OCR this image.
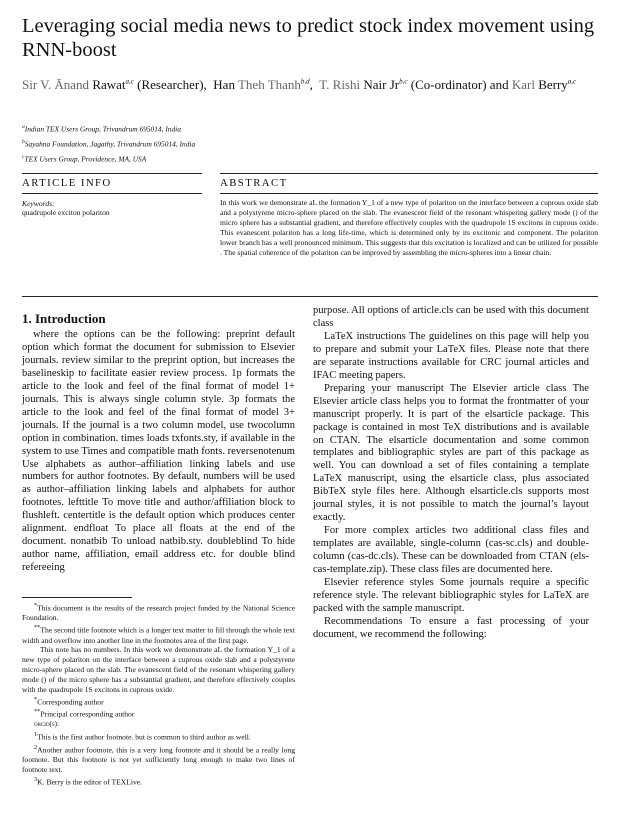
Leveraging social media news to predict stock index movement using RNN-boost
Sir V. Ānand Rawat$^{a,c}$ (Researcher), Han Theh Thanh$^{b,d}$, T. Rishi Nair Jr$^{b,c}$ (Co-ordinator) and Karl Berry$^{a,c}$
$^a$Indian TEX Users Group, Trivandrum 695014, India
$^b$Sayahna Foundation, Jagathy, Trivandrum 695014, India
$^c$TEX Users Group, Providence, MA, USA
ARTICLE INFO	ABSTRACT
Keywords:
quadrupole exciton polariton
In this work we demonstrate aL the formation Y_1 of a new type of polariton on the interface between a cuprous oxide slab and a polystyrene micro-sphere placed on the slab. The evanescent field of the resonant whispering gallery mode () of the micro sphere has a substantial gradient, and therefore effectively couples with the quadrupole 1S excitons in cuprous oxide. This evanescent polariton has a long life-time, which is determined only by its excitonic and component. The polariton lower branch has a well pronounced minimum. This suggests that this excitation is localized and can be utilized for possible . The spatial coherence of the polariton can be improved by assembling the micro-spheres into a linear chain.
1. Introduction

where the options can be the following: preprint default option which format the document for submission to Elsevier journals. review similar to the preprint option, but increases the baselineskip to facilitate easier review process. 1p formats the article to the look and feel of the final format of model 1+ journals. This is always single column style. 3p formats the article to the look and feel of the final format of model 3+ journals. If the journal is a two column model, use twocolumn option in combination. times loads txfonts.sty, if available in the system to use Times and compatible math fonts. reversenotenum Use alphabets as author–affiliation linking labels and use numbers for author footnotes. By default, numbers will be used as author–affiliation linking labels and alphabets for author footnotes. lefttitle To move title and author/affiliation block to flushleft. centertitle is the default option which produces center alignment. endfloat To place all floats at the end of the document. nonatbib To unload natbib.sty. doubleblind To hide author name, affiliation, email address etc. for double blind refereeing

*This document is the results of the research project funded by the National Science Foundation.

**The second title footnote which is a longer text matter to fill through the whole text width and overflow into another line in the footnotes area of the first page.

This note has no numbers. In this work we demonstrate aL the formation Y_1 of a new type of polariton on the interface between a cuprous oxide slab and a polystyrene micro-sphere placed on the slab. The evanescent field of the resonant whispering gallery mode () of the micro sphere has a substantial gradient, and therefore effectively couples with the quadrupole 1S excitons in cuprous oxide.

*Corresponding author

**Principal corresponding author

orcid(s):

$^1$This is the first author footnote. but is common to third author as well.

$^2$Another author footnote, this is a very long footnote and it should be a really long footnote. But this footnote is not yet sufficiently long enough to make two lines of footnote text.

$^3$K. Berry is the editor of TEXLive.

purpose. All options of article.cls can be used with this document class

LaTeX instructions The guidelines on this page will help you to prepare and submit your LaTeX files. Please note that there are separate instructions available for CRC journal articles and IFAC meeting papers.

Preparing your manuscript The Elsevier article class The Elsevier article class helps you to format the frontmatter of your manuscript properly. It is part of the elsarticle package. This package is contained in most TeX distributions and is available on CTAN. The elsarticle documentation and some common templates and bibliographic styles are part of this package as well. You can download a set of files containing a template LaTeX manuscript, using the elsarticle class, plus associated BibTeX style files here. Although elsarticle.cls supports most journal styles, it is not possible to match the journal’s layout exactly.

For more complex articles two additional class files and templates are available, single-column (cas-sc.cls) and double-column (cas-dc.cls). These can be downloaded from CTAN (els-cas-template.zip). These class files are documented here.

Elsevier reference styles Some journals require a specific reference style. The relevant bibliographic styles for LaTeX are packed with the sample manuscript.

Recommendations To ensure a fast processing of your document, we recommend the following:
